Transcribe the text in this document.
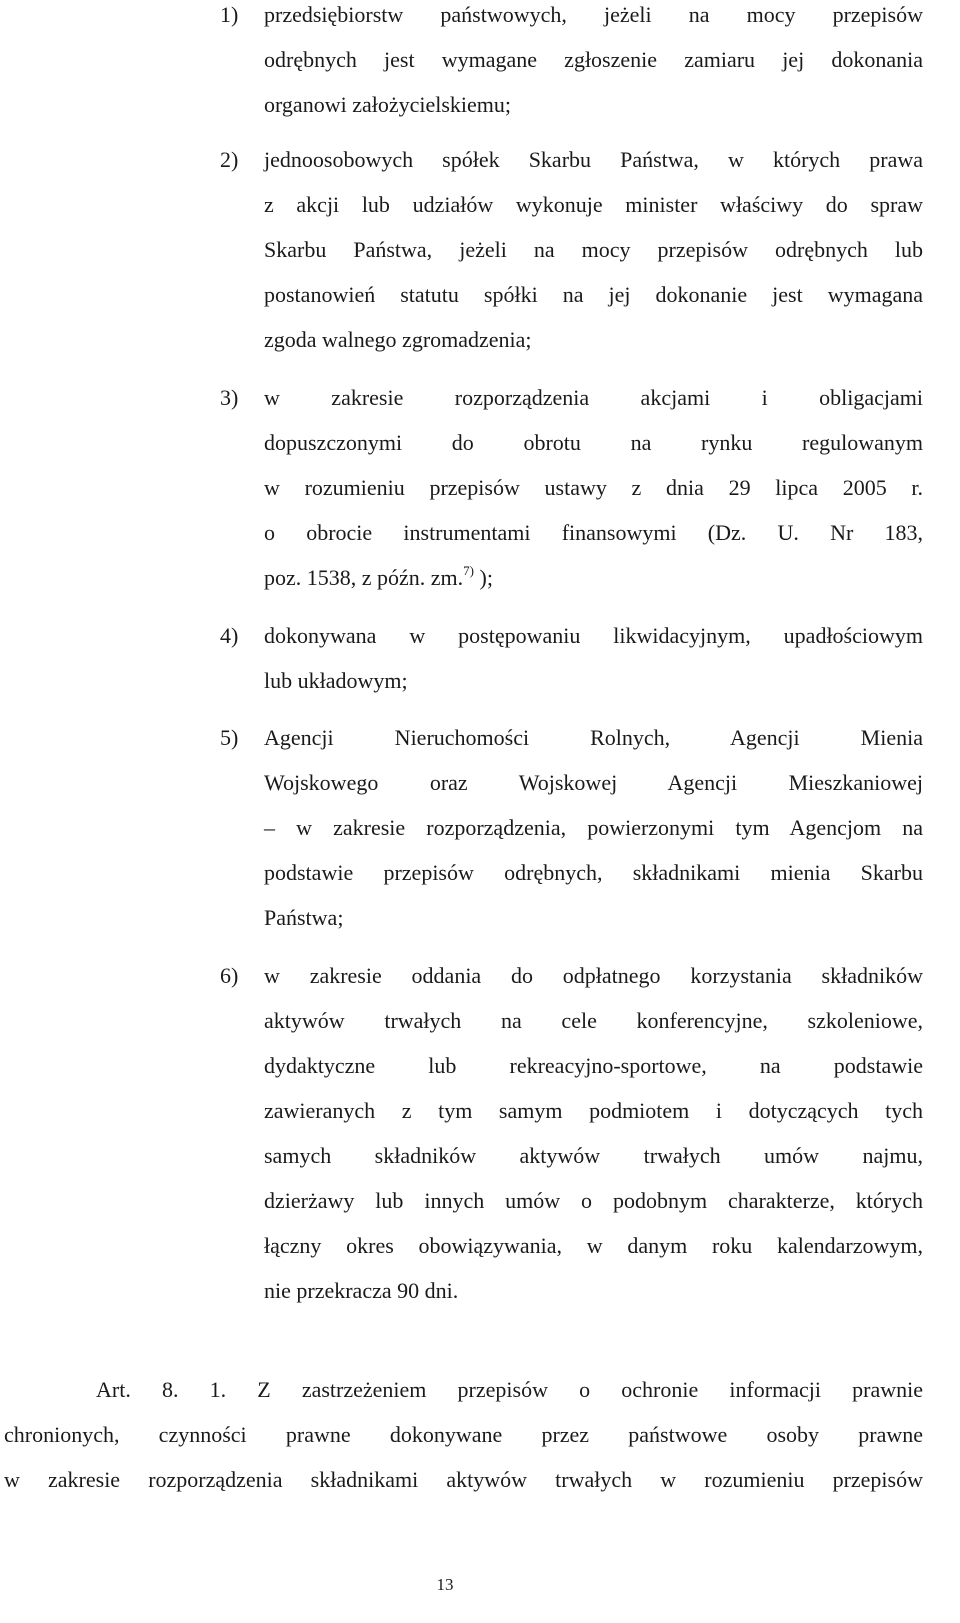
1) przedsiębiorstw państwowych, jeżeli na mocy przepisów
odrębnych jest wymagane zgłoszenie zamiaru jej dokonania
organowi założycielskiemu;
2) jednoosobowych spółek Skarbu Państwa, w których prawa
z akcji lub udziałów wykonuje minister właściwy do spraw
Skarbu Państwa, jeżeli na mocy przepisów odrębnych lub
postanowień statutu spółki na jej dokonanie jest wymagana
zgoda walnego zgromadzenia;
3) w zakresie rozporządzenia akcjami i obligacjami
dopuszczonymi do obrotu na rynku regulowanym
w rozumieniu przepisów ustawy z dnia 29 lipca 2005 r.
o obrocie instrumentami finansowymi (Dz. U. Nr 183,
poz. 1538, z późn. zm.$^{7)}$ );
4) dokonywana w postępowaniu likwidacyjnym, upadłościowym
lub układowym;
5) Agencji Nieruchomości Rolnych, Agencji Mienia
Wojskowego oraz Wojskowej Agencji Mieszkaniowej
– w zakresie rozporządzenia, powierzonymi tym Agencjom na
podstawie przepisów odrębnych, składnikami mienia Skarbu
Państwa;
6) w zakresie oddania do odpłatnego korzystania składników
aktywów trwałych na cele konferencyjne, szkoleniowe,
dydaktyczne lub rekreacyjno-sportowe, na podstawie
zawieranych z tym samym podmiotem i dotyczących tych
samych składników aktywów trwałych umów najmu,
dzierżawy lub innych umów o podobnym charakterze, których
łączny okres obowiązywania, w danym roku kalendarzowym,
nie przekracza 90 dni.
Art. 8. 1. Z zastrzeżeniem przepisów o ochronie informacji prawnie
chronionych, czynności prawne dokonywane przez państwowe osoby prawne
w zakresie rozporządzenia składnikami aktywów trwałych w rozumieniu przepisów
13
